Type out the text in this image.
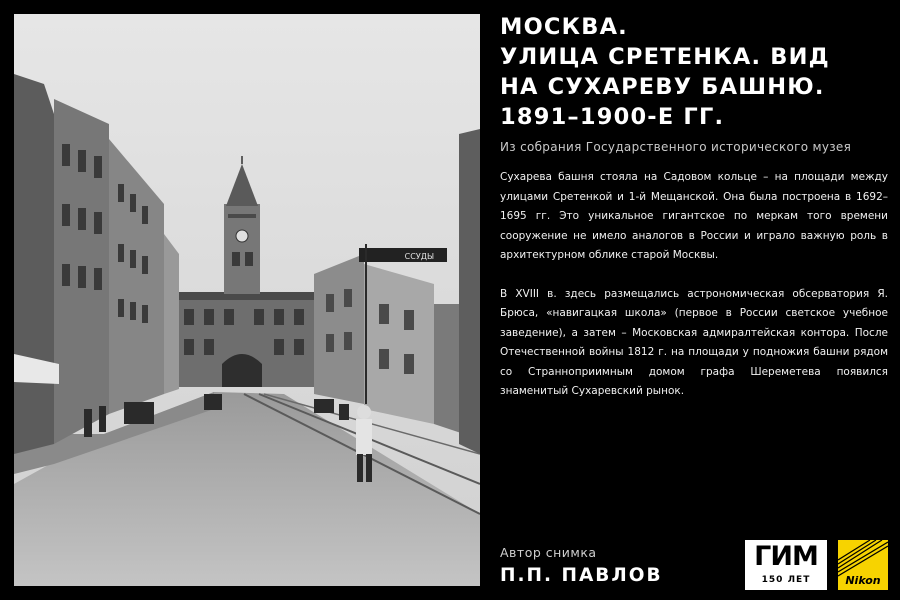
ССУДЫ
МОСКВА.
УЛИЦА СРЕТЕНКА. ВИД
НА СУХАРЕВУ БАШНЮ.
1891–1900-Е ГГ.
Из собрания Государственного исторического музея

Сухарева башня стояла на Садовом кольце – на площади между улицами Сретенкой и 1-й Мещанской. Она была построена в 1692–1695 гг. Это уникальное гигантское по меркам того времени сооружение не имело аналогов в России и играло важную роль в архитектурном облике старой Москвы.

В XVIII в. здесь размещались астрономическая обсерватория Я. Брюса, «навигацкая школа» (первое в России светское учебное заведение), а затем – Московская адмиралтейская контора. После Отечественной войны 1812 г. на площади у подножия башни рядом со Странноприимным домом графа Шереметева появился знаменитый Сухаревский рынок.

Автор снимка
П.П. ПАВЛОВ
ГИМ
150 ЛЕТ	Nikon
